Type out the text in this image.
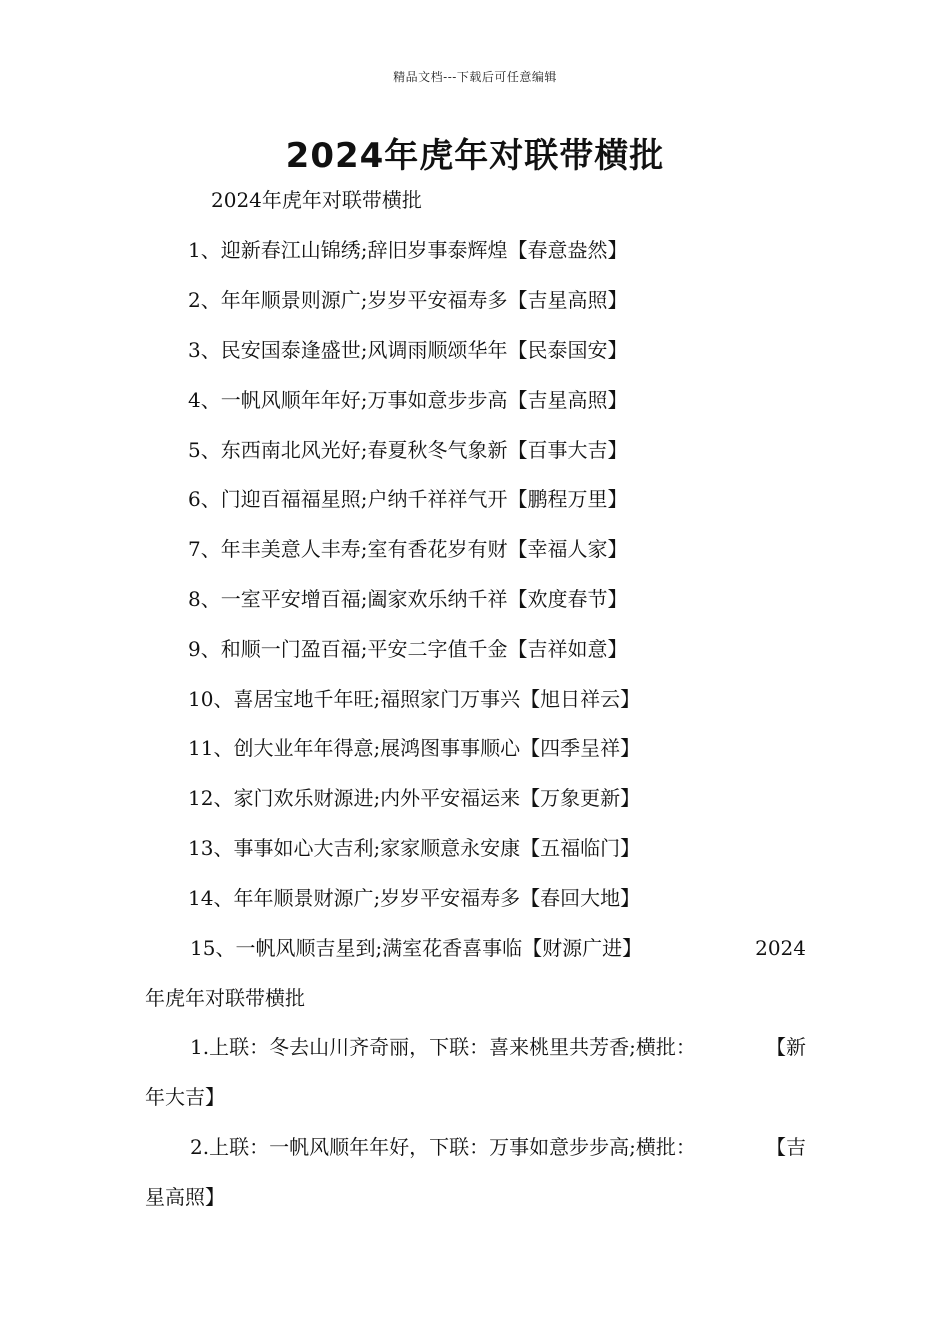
精品文档---下载后可任意编辑
2024年虎年对联带横批
2024年虎年对联带横批
1、迎新春江山锦绣;辞旧岁事泰辉煌【春意盎然】
2、年年顺景则源广;岁岁平安福寿多【吉星高照】
3、民安国泰逢盛世;风调雨顺颂华年【民泰国安】
4、一帆风顺年年好;万事如意步步高【吉星高照】
5、东西南北风光好;春夏秋冬气象新【百事大吉】
6、门迎百福福星照;户纳千祥祥气开【鹏程万里】
7、年丰美意人丰寿;室有香花岁有财【幸福人家】
8、一室平安增百福;阖家欢乐纳千祥【欢度春节】
9、和顺一门盈百福;平安二字值千金【吉祥如意】
10、喜居宝地千年旺;福照家门万事兴【旭日祥云】
11、创大业年年得意;展鸿图事事顺心【四季呈祥】
12、家门欢乐财源进;内外平安福运来【万象更新】
13、事事如心大吉利;家家顺意永安康【五福临门】
14、年年顺景财源广;岁岁平安福寿多【春回大地】
15、一帆风顺吉星到;满室花香喜事临【财源广进】	2024
年虎年对联带横批
1.上联：冬去山川齐奇丽，下联：喜来桃里共芳香;横批：	【新
年大吉】
2.上联：一帆风顺年年好，下联：万事如意步步高;横批：	【吉
星高照】
